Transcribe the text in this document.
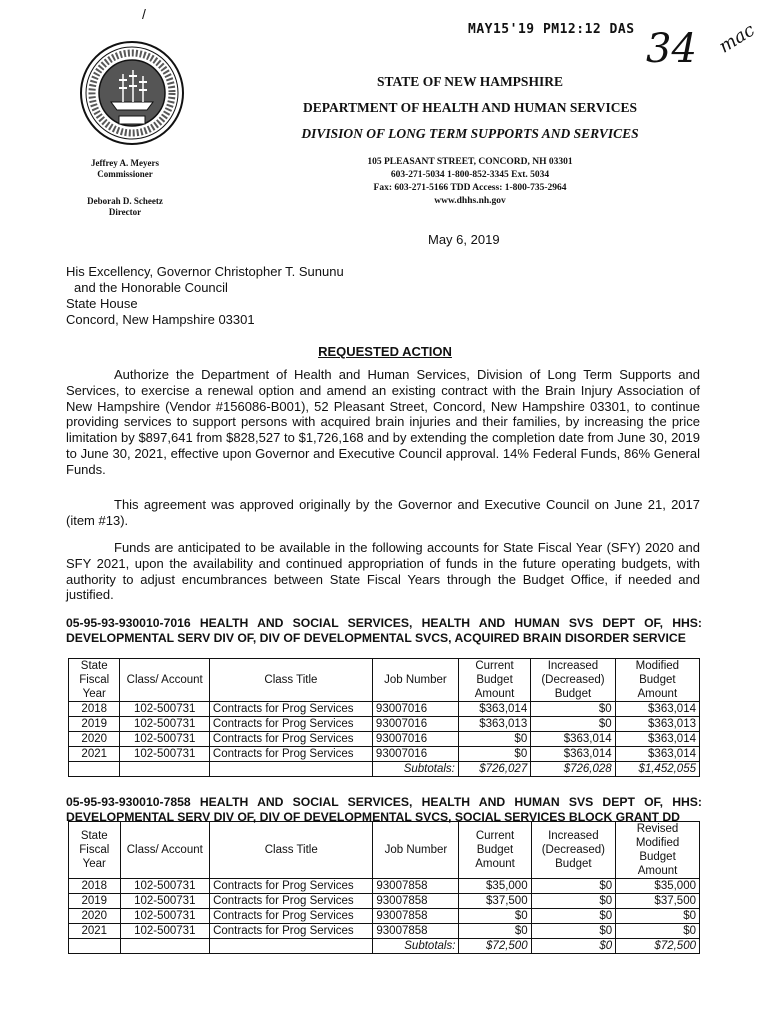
/
MAY15'19 PM12:12 DAS 34 mac
STATE OF NEW HAMPSHIRE
DEPARTMENT OF HEALTH AND HUMAN SERVICES
DIVISION OF LONG TERM SUPPORTS AND SERVICES
105 PLEASANT STREET, CONCORD, NH 03301
603-271-5034 1-800-852-3345 Ext. 5034
Fax: 603-271-5166 TDD Access: 1-800-735-2964
www.dhhs.nh.gov
Jeffrey A. Meyers
Commissioner
Deborah D. Scheetz
Director
May 6, 2019
His Excellency, Governor Christopher T. Sununu
and the Honorable Council
State House
Concord, New Hampshire 03301
REQUESTED ACTION

Authorize the Department of Health and Human Services, Division of Long Term Supports and Services, to exercise a renewal option and amend an existing contract with the Brain Injury Association of New Hampshire (Vendor #156086-B001), 52 Pleasant Street, Concord, New Hampshire 03301, to continue providing services to support persons with acquired brain injuries and their families, by increasing the price limitation by $897,641 from $828,527 to $1,726,168 and by extending the completion date from June 30, 2019 to June 30, 2021, effective upon Governor and Executive Council approval. 14% Federal Funds, 86% General Funds.

This agreement was approved originally by the Governor and Executive Council on June 21, 2017 (item #13).

Funds are anticipated to be available in the following accounts for State Fiscal Year (SFY) 2020 and SFY 2021, upon the availability and continued appropriation of funds in the future operating budgets, with authority to adjust encumbrances between State Fiscal Years through the Budget Office, if needed and justified.

05-95-93-930010-7016 HEALTH AND SOCIAL SERVICES, HEALTH AND HUMAN SVS DEPT OF, HHS: DEVELOPMENTAL SERV DIV OF, DIV OF DEVELOPMENTAL SVCS, ACQUIRED BRAIN DISORDER SERVICE
State Fiscal Year	Class/ Account	Class Title	Job Number	Current Budget Amount	Increased (Decreased) Budget	Modified Budget Amount
2018	102-500731	Contracts for Prog Services	93007016	$363,014	$0	$363,014
2019	102-500731	Contracts for Prog Services	93007016	$363,013	$0	$363,013
2020	102-500731	Contracts for Prog Services	93007016	$0	$363,014	$363,014
2021	102-500731	Contracts for Prog Services	93007016	$0	$363,014	$363,014
			Subtotals:	$726,027	$726,028	$1,452,055
05-95-93-930010-7858 HEALTH AND SOCIAL SERVICES, HEALTH AND HUMAN SVS DEPT OF, HHS: DEVELOPMENTAL SERV DIV OF, DIV OF DEVELOPMENTAL SVCS, SOCIAL SERVICES BLOCK GRANT DD
State Fiscal Year	Class/ Account	Class Title	Job Number	Current Budget Amount	Increased (Decreased) Budget	Revised Modified Budget Amount
2018	102-500731	Contracts for Prog Services	93007858	$35,000	$0	$35,000
2019	102-500731	Contracts for Prog Services	93007858	$37,500	$0	$37,500
2020	102-500731	Contracts for Prog Services	93007858	$0	$0	$0
2021	102-500731	Contracts for Prog Services	93007858	$0	$0	$0
			Subtotals:	$72,500	$0	$72,500
